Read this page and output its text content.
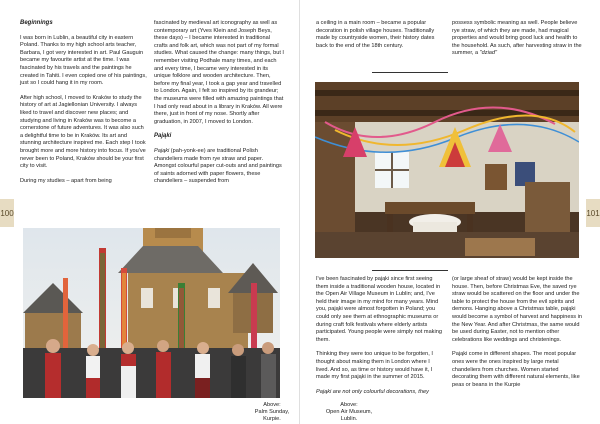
Beginnings

I was born in Lublin, a beautiful city in eastern Poland. Thanks to my high school arts teacher, Barbara, I got very interested in art. Paul Gauguin became my favourite artist at the time. I was fascinated by his travels and the paintings he created in Tahiti. I even copied one of his paintings, just so I could hang it in my room.

After high school, I moved to Kraków to study the history of art at Jagiellonian University. I always liked to travel and discover new places; and studying and living in Kraków was to become a cornerstone of future adventures. It was also such a delightful time to be in Kraków. Its art and stunning architecture inspired me. Each step I took brought more and more history into focus. If you've never been to Poland, Kraków should be your first city to visit.

During my studies – apart from being

fascinated by medieval art iconography as well as contemporary art (Yves Klein and Joseph Beys, these days) – I became interested in traditional crafts and folk art, which was not part of my formal studies. What caused the change: many things, but I remember visiting Podhale many times, and each and every time, I became very interested in its unique folklore and wooden architecture. Then, before my final year, I took a gap year and travelled to London. Again, I felt so inspired by its grandeur; the museums were filled with amazing paintings that I had only read about in a library in Kraków. All were there, just in front of my nose. Shortly after graduation, in 2007, I moved to London.

Pająki

Pająki (pah-yonk-ee) are traditional Polish chandeliers made from rye straw and paper. Amongst colourful paper cut-outs and and paintings of saints adorned with paper flowers, these chandeliers – suspended from

100
Above:
Palm Sunday,
Kurpie.

a ceiling in a main room – became a popular decoration in polish village houses. Traditionally made by countryside women, their history dates back to the end of the 18th century.

possess symbolic meaning as well. People believe rye straw, of which they are made, had magical properties and would bring good luck and health to the household. As such, after harvesting straw in the summer, a "dziad"

101

I've been fascinated by pająki since first seeing them inside a traditional wooden house, located in the Open Air Village Museum in Lublin; and, I've held their image in my mind for many years. Mind you, pająki were almost forgotten in Poland; you could only see them at ethnographic museums or during craft folk festivals where elderly artists participated. Young people were simply not making them.

Thinking they were too unique to be forgotten, I thought about making them in London where I lived. And so, as time or history would have it, I made my first pająki in the summer of 2015.

Pająki are not only colourful decorations, they

(or large sheaf of straw) would be kept inside the house. Then, before Christmas Eve, the saved rye straw would be scattered on the floor and under the table to protect the house from the evil spirits and demons. Hanging above a Christmas table, pająki would become a symbol of harvest and happiness in the New Year. And after Christmas, the same would be used during Easter, not to mention other celebrations like weddings and christenings.

Pająki come in different shapes. The most popular ones were the ones inspired by large metal chandeliers from churches. Women started decorating them with different natural elements, like peas or beans in the Kurpie

Above:
Open Air Museum,
Lublin.
